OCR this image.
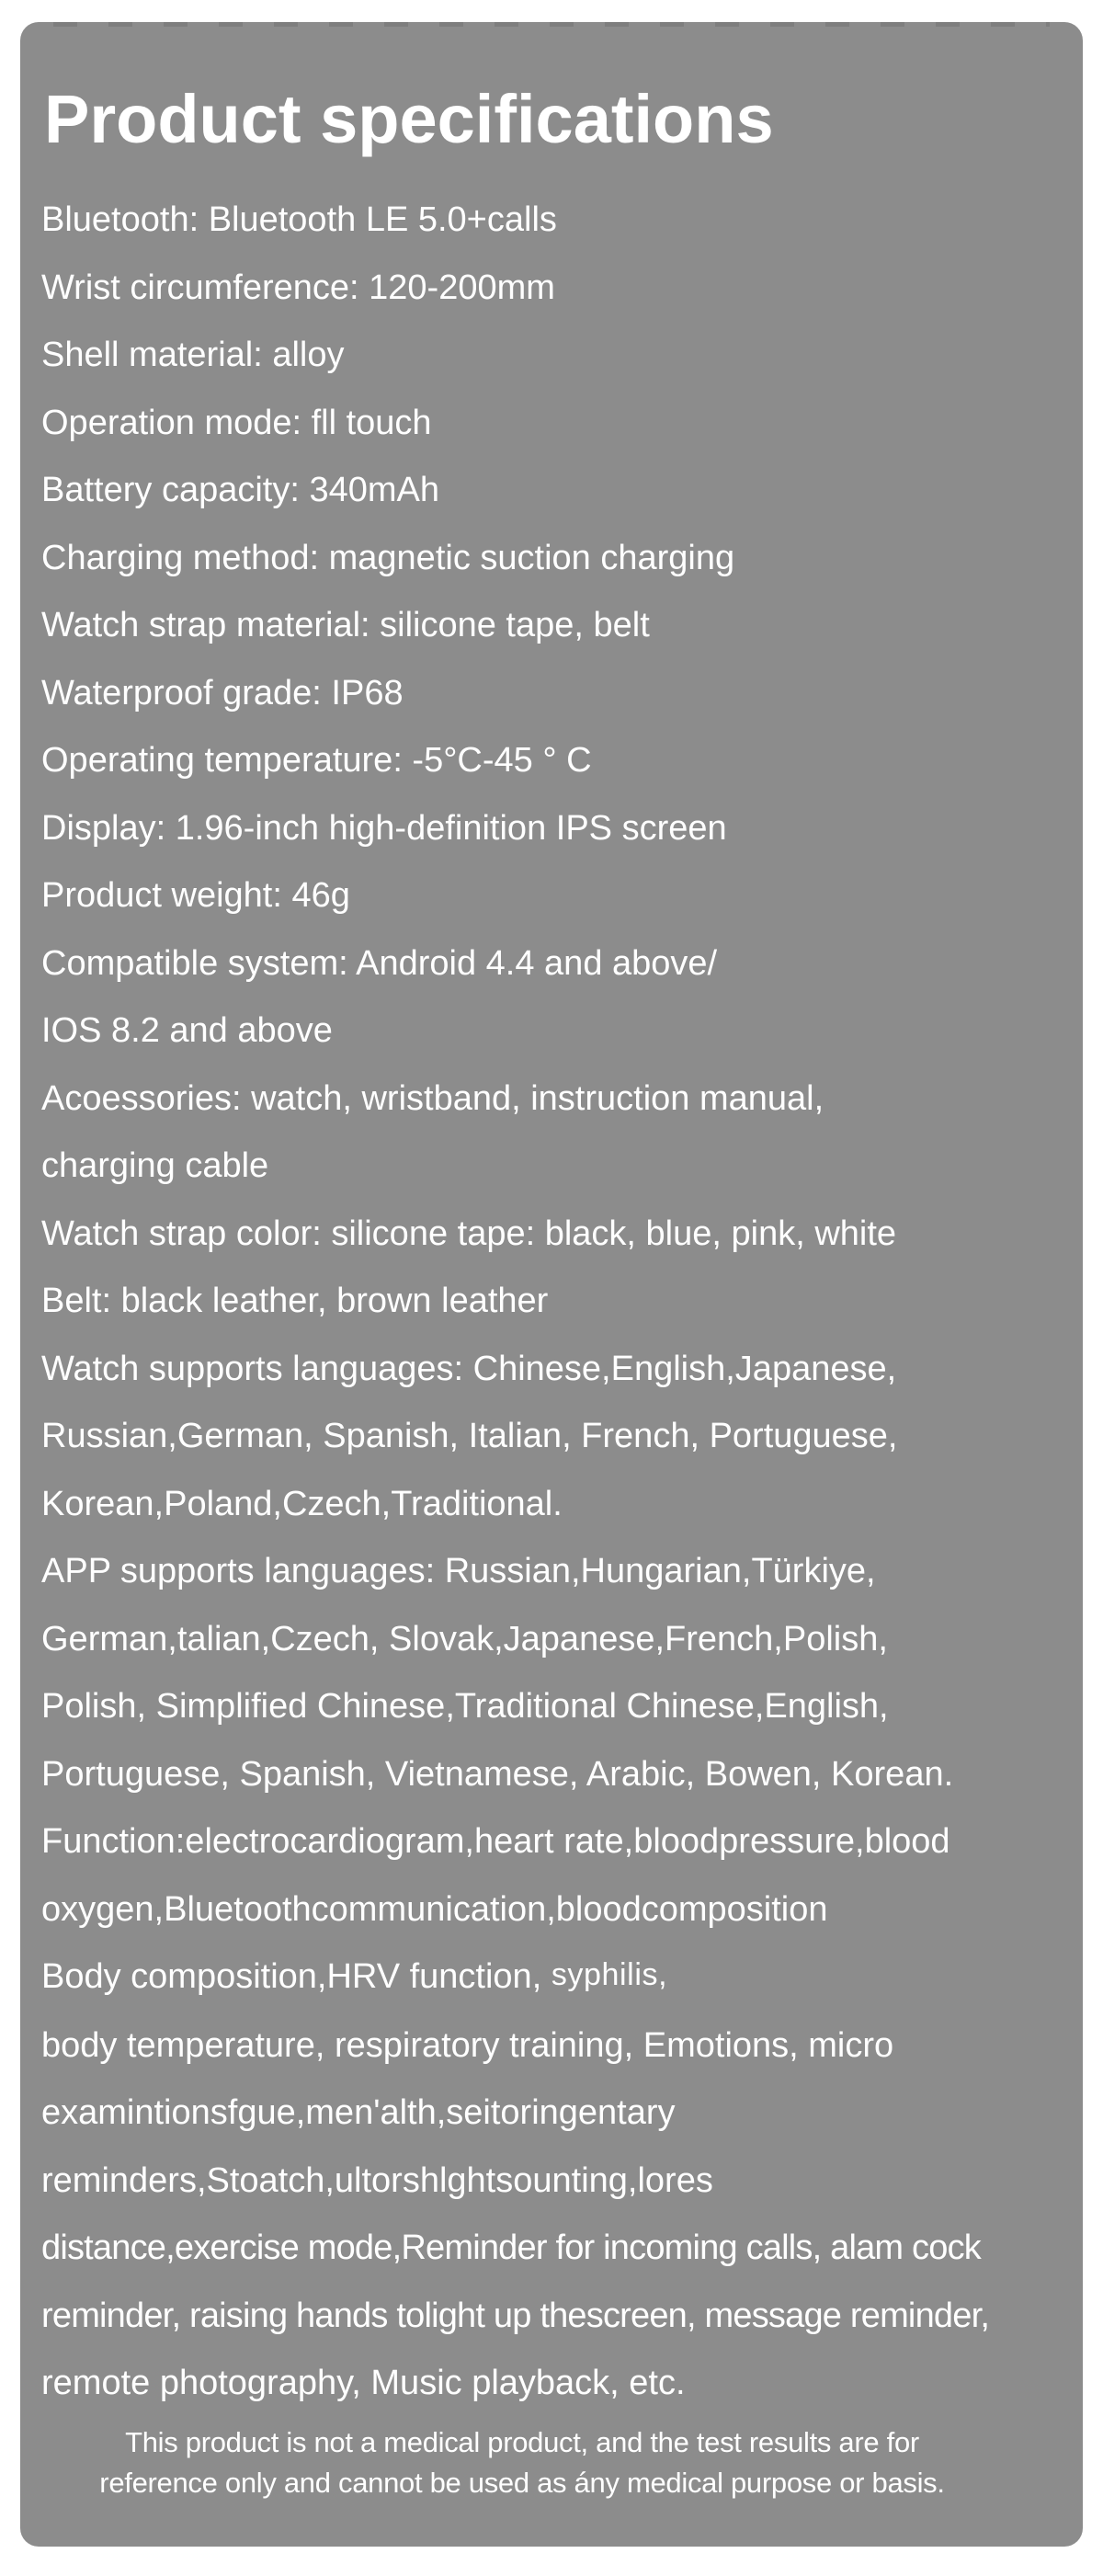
Product specifications
Bluetooth: Bluetooth LE 5.0+calls
Wrist circumference: 120-200mm
Shell material: alloy
Operation mode: fll touch
Battery capacity: 340mAh
Charging method: magnetic suction charging
Watch strap material: silicone tape, belt
Waterproof grade: IP68
Operating temperature: -5°C-45 ° C
Display: 1.96-inch high-definition IPS screen
Product weight: 46g
Compatible system: Android 4.4 and above/
IOS 8.2 and above
Acoessories: watch, wristband, instruction manual,
charging cable
Watch strap color: silicone tape: black, blue, pink, white
Belt: black leather, brown leather
Watch supports languages: Chinese,English,Japanese,
Russian,German, Spanish, Italian, French, Portuguese,
Korean,Poland,Czech,Traditional.
APP supports languages: Russian,Hungarian,Türkiye,
German,talian,Czech, Slovak,Japanese,French,Polish,
Polish, Simplified Chinese,Traditional Chinese,English,
Portuguese, Spanish, Vietnamese, Arabic, Bowen, Korean.
Function:electrocardiogram,heart rate,bloodpressure,blood
oxygen,Bluetoothcommunication,bloodcomposition
Body composition,HRV function, syphilis,
body temperature, respiratory training, Emotions, micro
examintionsfgue,men'alth,seitoringentary
reminders,Stoatch,ultorshlghtsounting,lores
distance,exercise mode,Reminder for incoming calls, alam cock
reminder, raising hands tolight up thescreen, message reminder,
remote photography, Music playback, etc.
This product is not a medical product, and the test results are for
reference only and cannot be used as ány medical purpose or basis.
